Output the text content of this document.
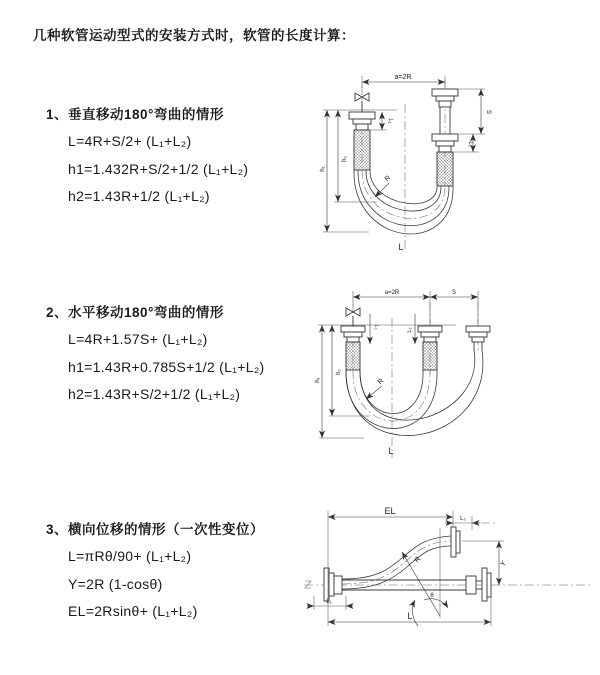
几种软管运动型式的安装方式时，软管的长度计算：
1、垂直移动180°弯曲的情形
L=4R+S/2+ (L₁+L₂)
h1=1.432R+S/2+1/2 (L₁+L₂)
h2=1.43R+1/2 (L₁+L₂)
2、水平移动180°弯曲的情形
L=4R+1.57S+ (L₁+L₂)
h1=1.43R+0.785S+1/2 (L₁+L₂)
h2=1.43R+S/2+1/2 (L₁+L₂)
3、横向位移的情形（一次性变位）
L=πRθ/90+ (L₁+L₂)
Y=2R (1-cosθ)
EL=2Rsinθ+ (L₁+L₂)
a=2R
L₁
S
L₂
h₁
h₂
R
L
a=2R	S
L₁
L₂
h₁
h₂
R
L
EL
L₂
Y
R
θ
L
L₁
